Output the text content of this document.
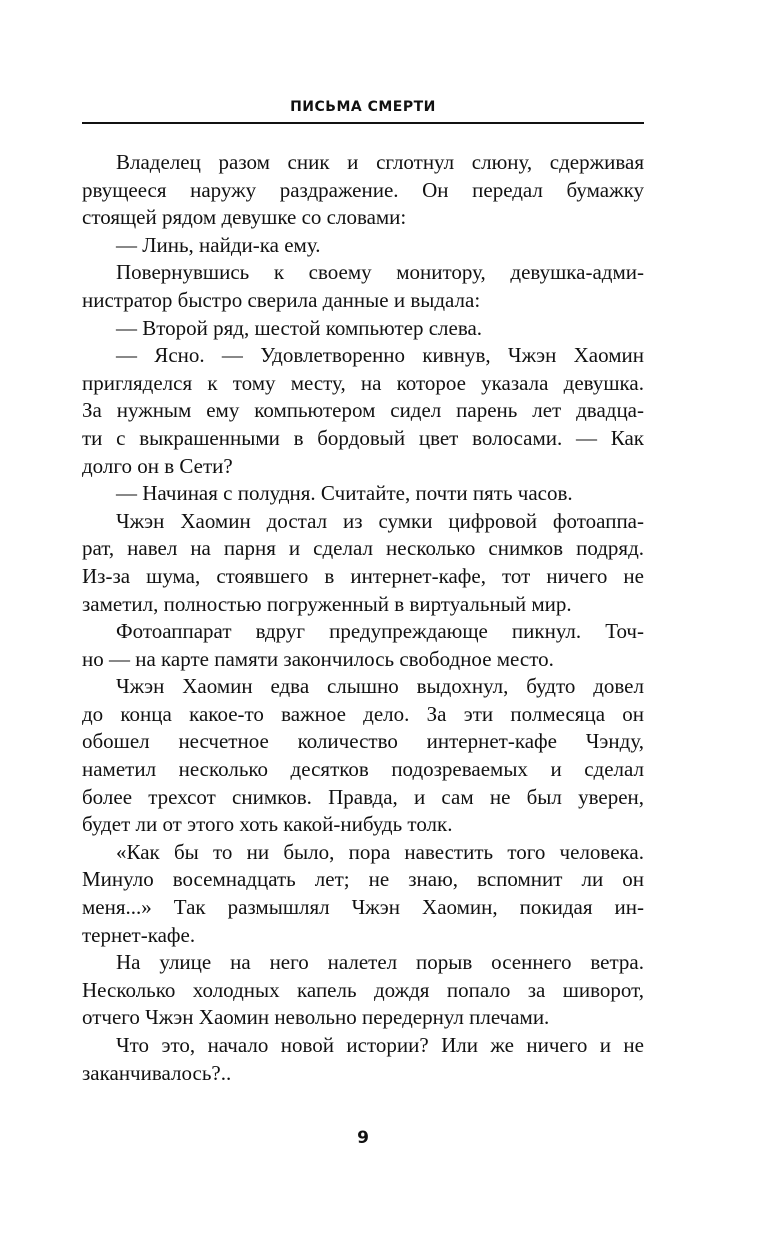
ПИСЬМА СМЕРТИ

Владелец разом сник и сглотнул слюну, сдерживая
рвущееся наружу раздражение. Он передал бумажку
стоящей рядом девушке со словами:

— Линь, найди-ка ему.

Повернувшись к своему монитору, девушка-адми-
нистратор быстро сверила данные и выдала:

— Второй ряд, шестой компьютер слева.

— Ясно. — Удовлетворенно кивнув, Чжэн Хаомин
пригляделся к тому месту, на которое указала девушка.
За нужным ему компьютером сидел парень лет двадца-
ти с выкрашенными в бордовый цвет волосами. — Как
долго он в Сети?

— Начиная с полудня. Считайте, почти пять часов.

Чжэн Хаомин достал из сумки цифровой фотоаппа-
рат, навел на парня и сделал несколько снимков подряд.
Из-за шума, стоявшего в интернет-кафе, тот ничего не
заметил, полностью погруженный в виртуальный мир.

Фотоаппарат вдруг предупреждающе пикнул. Точ-
но — на карте памяти закончилось свободное место.

Чжэн Хаомин едва слышно выдохнул, будто довел
до конца какое-то важное дело. За эти полмесяца он
обошел несчетное количество интернет-кафе Чэнду,
наметил несколько десятков подозреваемых и сделал
более трехсот снимков. Правда, и сам не был уверен,
будет ли от этого хоть какой-нибудь толк.

«Как бы то ни было, пора навестить того человека.
Минуло восемнадцать лет; не знаю, вспомнит ли он
меня...» Так размышлял Чжэн Хаомин, покидая ин-
тернет-кафе.

На улице на него налетел порыв осеннего ветра.
Несколько холодных капель дождя попало за шиворот,
отчего Чжэн Хаомин невольно передернул плечами.

Что это, начало новой истории? Или же ничего и не
заканчивалось?..

9
